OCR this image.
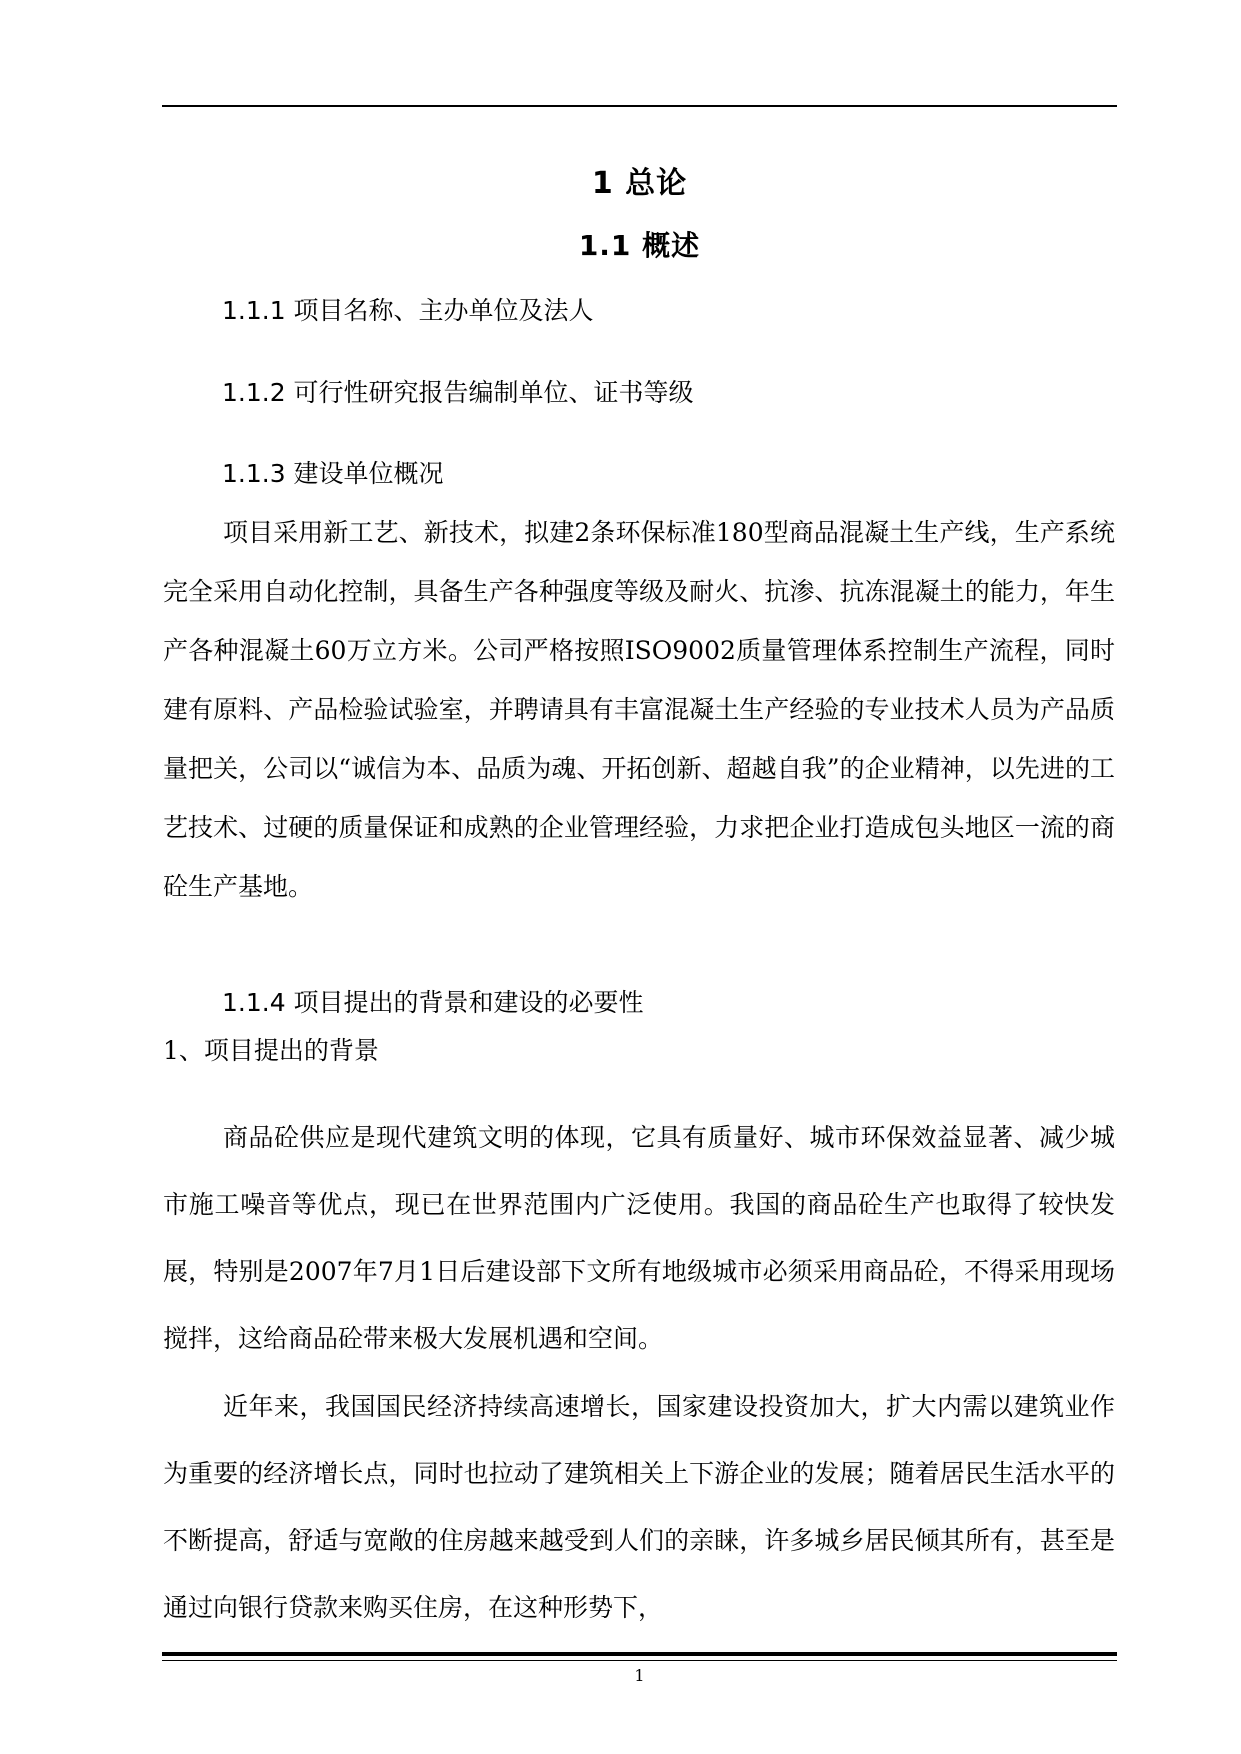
1 总论
1.1 概述
1.1.1 项目名称、主办单位及法人
1.1.2 可行性研究报告编制单位、证书等级
1.1.3 建设单位概况

项目采用新工艺、新技术，拟建2条环保标准180型商品混凝土生产线，生产系统完全采用自动化控制，具备生产各种强度等级及耐火、抗渗、抗冻混凝土的能力，年生产各种混凝土60万立方米。公司严格按照ISO9002质量管理体系控制生产流程，同时建有原料、产品检验试验室，并聘请具有丰富混凝土生产经验的专业技术人员为产品质量把关，公司以“诚信为本、品质为魂、开拓创新、超越自我”的企业精神，以先进的工艺技术、过硬的质量保证和成熟的企业管理经验，力求把企业打造成包头地区一流的商砼生产基地。

1.1.4 项目提出的背景和建设的必要性
1、项目提出的背景

商品砼供应是现代建筑文明的体现，它具有质量好、城市环保效益显著、减少城市施工噪音等优点，现已在世界范围内广泛使用。我国的商品砼生产也取得了较快发展，特别是2007年7月1日后建设部下文所有地级城市必须采用商品砼，不得采用现场搅拌，这给商品砼带来极大发展机遇和空间。

近年来，我国国民经济持续高速增长，国家建设投资加大，扩大内需以建筑业作为重要的经济增长点，同时也拉动了建筑相关上下游企业的发展；随着居民生活水平的不断提高，舒适与宽敞的住房越来越受到人们的亲睐，许多城乡居民倾其所有，甚至是通过向银行贷款来购买住房，在这种形势下，

1
